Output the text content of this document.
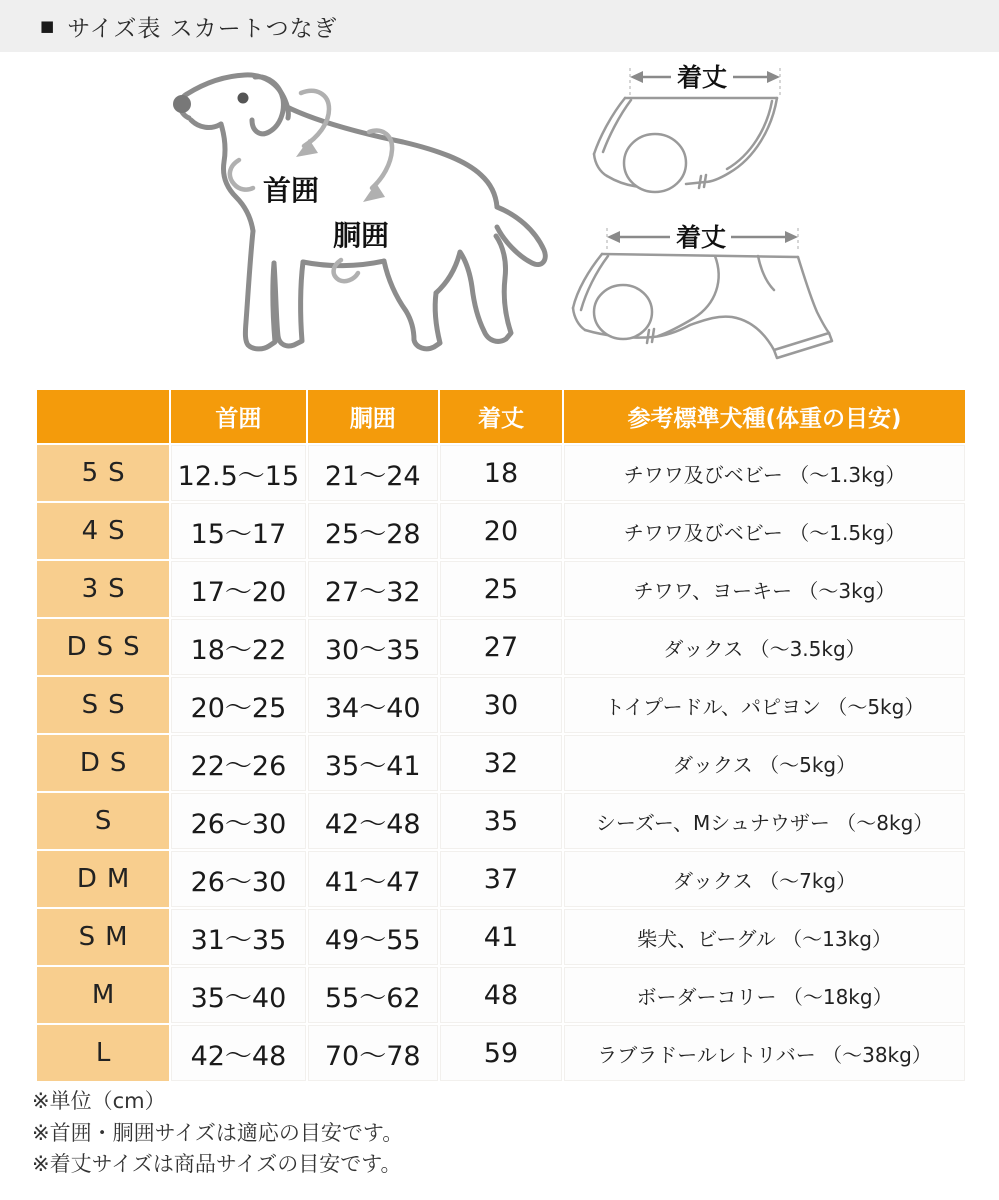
■ サイズ表 スカートつなぎ
首囲
胴囲
着丈
着丈
	首囲	胴囲	着丈	参考標準犬種(体重の目安)
5S	12.5～15	21～24	18	チワワ及びベビー （～1.3kg）
4S	15～17	25～28	20	チワワ及びベビー （～1.5kg）
3S	17～20	27～32	25	チワワ、ヨーキー （～3kg）
DSS	18～22	30～35	27	ダックス （～3.5kg）
SS	20～25	34～40	30	トイプードル、パピヨン （～5kg）
DS	22～26	35～41	32	ダックス （～5kg）
S	26～30	42～48	35	シーズー、Mシュナウザー （～8kg）
DM	26～30	41～47	37	ダックス （～7kg）
SM	31～35	49～55	41	柴犬、ビーグル （～13kg）
M	35～40	55～62	48	ボーダーコリー （～18kg）
L	42～48	70～78	59	ラブラドールレトリバー （～38kg）
※単位（cm）
※首囲・胴囲サイズは適応の目安です。
※着丈サイズは商品サイズの目安です。
